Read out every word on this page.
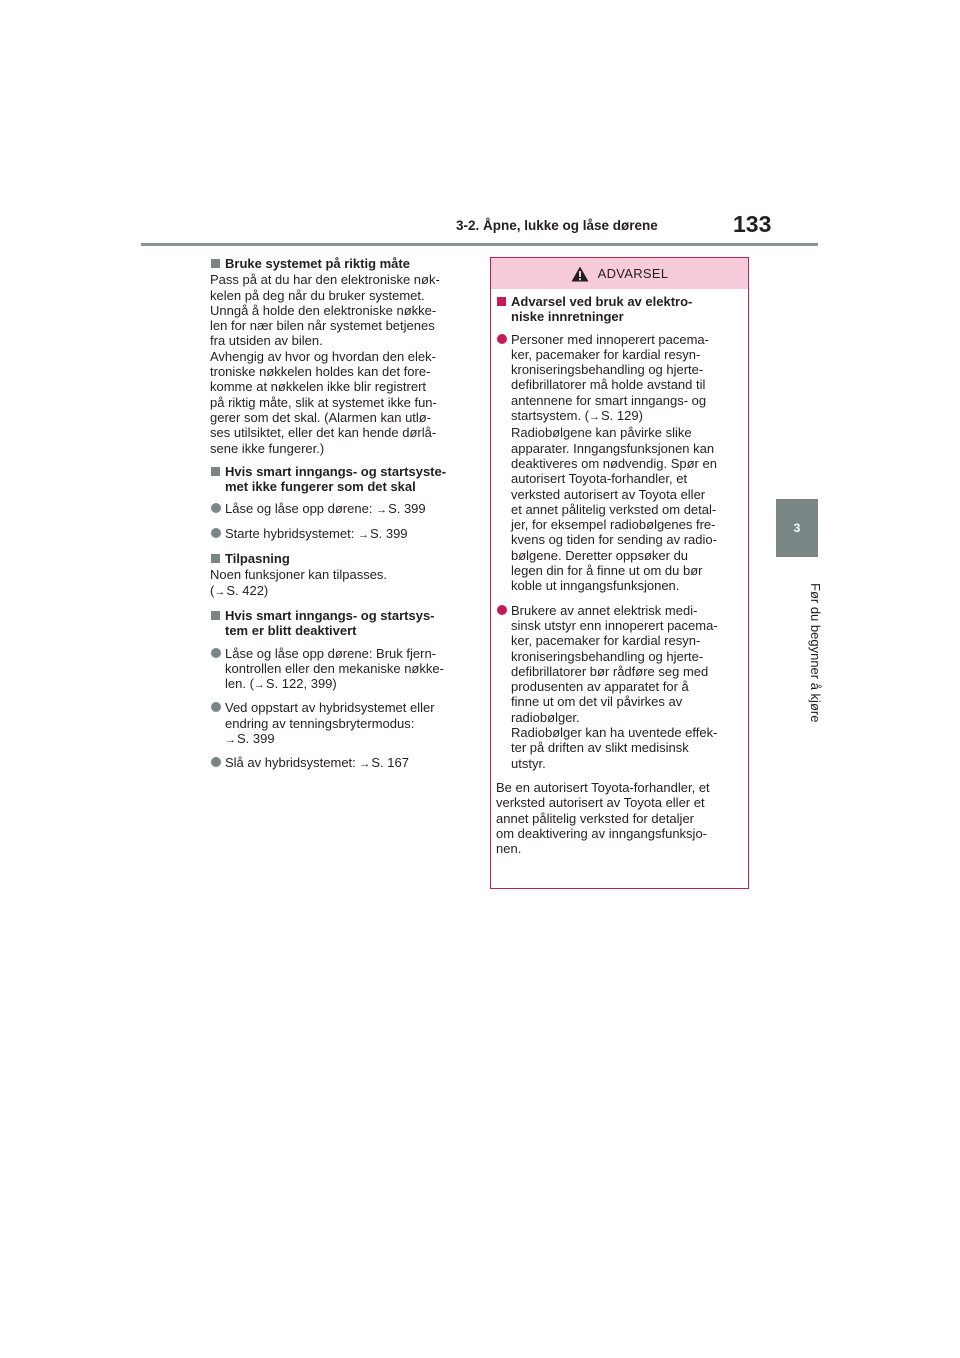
3-2. Åpne, lukke og låse dørene	133
3
Før du begynner å kjøre
Bruke systemet på riktig måte
Pass på at du har den elektroniske nøk-
kelen på deg når du bruker systemet.
Unngå å holde den elektroniske nøkke-
len for nær bilen når systemet betjenes
fra utsiden av bilen.
Avhengig av hvor og hvordan den elek-
troniske nøkkelen holdes kan det fore-
komme at nøkkelen ikke blir registrert
på riktig måte, slik at systemet ikke fun-
gerer som det skal. (Alarmen kan utlø-
ses utilsiktet, eller det kan hende dørlå-
sene ikke fungerer.)
Hvis smart inngangs- og startsyste-
met ikke fungerer som det skal
Låse og låse opp dørene: →S. 399
Starte hybridsystemet: →S. 399
Tilpasning
Noen funksjoner kan tilpasses.
(→S. 422)
Hvis smart inngangs- og startsys-
tem er blitt deaktivert
Låse og låse opp dørene: Bruk fjern-
kontrollen eller den mekaniske nøkke-
len. (→S. 122, 399)
Ved oppstart av hybridsystemet eller
endring av tenningsbrytermodus:
→S. 399
Slå av hybridsystemet: →S. 167
ADVARSEL
Advarsel ved bruk av elektro-
niske innretninger
Personer med innoperert pacema-
ker, pacemaker for kardial resyn-
kroniseringsbehandling og hjerte-
defibrillatorer må holde avstand til
antennene for smart inngangs- og
startsystem. (→S. 129)
Radiobølgene kan påvirke slike
apparater. Inngangsfunksjonen kan
deaktiveres om nødvendig. Spør en
autorisert Toyota-forhandler, et
verksted autorisert av Toyota eller
et annet pålitelig verksted om detal-
jer, for eksempel radiobølgenes fre-
kvens og tiden for sending av radio-
bølgene. Deretter oppsøker du
legen din for å finne ut om du bør
koble ut inngangsfunksjonen.
Brukere av annet elektrisk medi-
sinsk utstyr enn innoperert pacema-
ker, pacemaker for kardial resyn-
kroniseringsbehandling og hjerte-
defibrillatorer bør rådføre seg med
produsenten av apparatet for å
finne ut om det vil påvirkes av
radiobølger.
Radiobølger kan ha uventede effek-
ter på driften av slikt medisinsk
utstyr.
Be en autorisert Toyota-forhandler, et
verksted autorisert av Toyota eller et
annet pålitelig verksted for detaljer
om deaktivering av inngangsfunksjo-
nen.
